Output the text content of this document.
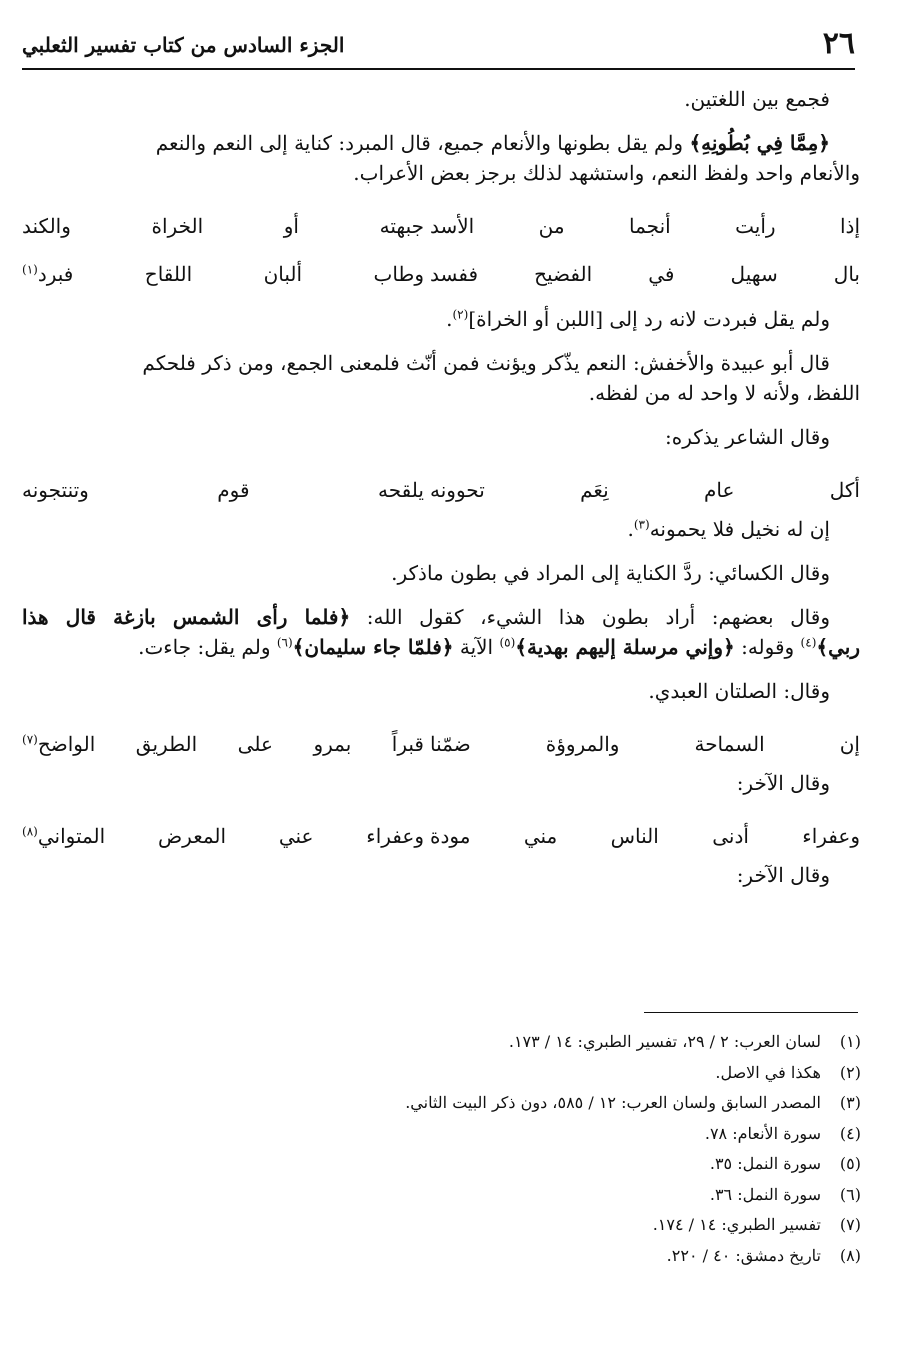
٢٦
الجزء السادس من كتاب تفسير الثعلبي
فجمع بين اللغتين.
﴿مِمَّا فِي بُطُونِهِ﴾ ولم يقل بطونها والأنعام جميع، قال المبرد: كناية إلى النعم والنعم
والأنعام واحد ولفظ النعم، واستشهد لذلك برجز بعض الأعراب.
إذا رأيت أنجما من الأسد
جبهته أو الخراة والكند
بال سهيل في الفضيح ففسد
وطاب ألبان اللقاح فبرد$^{(١)}$
ولم يقل فبردت لانه رد إلى [اللبن أو الخراة]$^{(٢)}$.
قال أبو عبيدة والأخفش: النعم يذّكر ويؤنث فمن أنّث فلمعنى الجمع، ومن ذكر فلحكم
اللفظ، ولأنه لا واحد له من لفظه.
وقال الشاعر يذكره:
أكل عام نِعَم تحوونه
يلقحه قوم وتنتجونه
إن له نخيل فلا يحمونه$^{(٣)}$.
وقال الكسائي: ردَّ الكناية إلى المراد في بطون ماذكر.
وقال بعضهم: أراد بطون هذا الشيء، كقول الله: ﴿فلما رأى الشمس بازغة قال هذا
ربي﴾$^{(٤)}$ وقوله: ﴿وإني مرسلة إليهم بهدية﴾$^{(٥)}$ الآية ﴿فلمّا جاء سليمان﴾$^{(٦)}$ ولم يقل: جاءت.
وقال: الصلتان العبدي.
إن السماحة والمروؤة ضمّنا
قبراً بمرو على الطريق الواضح$^{(٧)}$
وقال الآخر:
وعفراء أدنى الناس مني مودة
وعفراء عني المعرض المتواني$^{(٨)}$
وقال الآخر:
(١)لسان العرب: ٢ / ٢٩، تفسير الطبري: ١٤ / ١٧٣.
(٢)هكذا في الاصل.
(٣)المصدر السابق ولسان العرب: ١٢ / ٥٨٥، دون ذكر البيت الثاني.
(٤)سورة الأنعام: ٧٨.
(٥)سورة النمل: ٣٥.
(٦)سورة النمل: ٣٦.
(٧)تفسير الطبري: ١٤ / ١٧٤.
(٨)تاريخ دمشق: ٤٠ / ٢٢٠.
